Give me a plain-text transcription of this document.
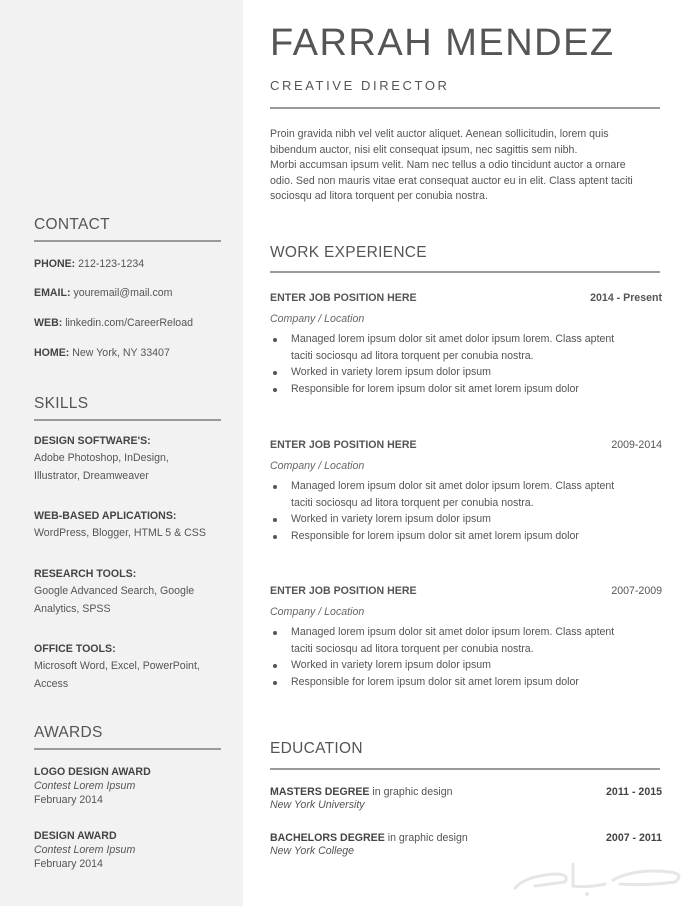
CONTACT
PHONE: 212-123-1234
EMAIL: youremail@mail.com
WEB: linkedin.com/CareerReload
HOME: New York, NY 33407
SKILLS
DESIGN SOFTWARE'S:
Adobe Photoshop, InDesign,
Illustrator, Dreamweaver
WEB-BASED APLICATIONS:
WordPress, Blogger, HTML 5 & CSS
RESEARCH TOOLS:
Google Advanced Search, Google
Analytics, SPSS
OFFICE TOOLS:
Microsoft Word, Excel, PowerPoint,
Access
AWARDS
LOGO DESIGN AWARD
Contest Lorem Ipsum
February 2014
DESIGN AWARD
Contest Lorem Ipsum
February 2014
FARRAH MENDEZ
CREATIVE DIRECTOR

Proin gravida nibh vel velit auctor aliquet. Aenean sollicitudin, lorem quis

bibendum auctor, nisi elit consequat ipsum, nec sagittis sem nibh.

Morbi accumsan ipsum velit. Nam nec tellus a odio tincidunt auctor a ornare

odio. Sed non mauris vitae erat consequat auctor eu in elit. Class aptent taciti

sociosqu ad litora torquent per conubia nostra.

WORK EXPERIENCE
ENTER JOB POSITION HERE	2014 - Present
Company / Location
Managed lorem ipsum dolor sit amet dolor ipsum lorem. Class aptent
taciti sociosqu ad litora torquent per conubia nostra.
Worked in variety lorem ipsum dolor ipsum
Responsible for lorem ipsum dolor sit amet lorem ipsum dolor
ENTER JOB POSITION HERE	2009-2014
Company / Location
Managed lorem ipsum dolor sit amet dolor ipsum lorem. Class aptent
taciti sociosqu ad litora torquent per conubia nostra.
Worked in variety lorem ipsum dolor ipsum
Responsible for lorem ipsum dolor sit amet lorem ipsum dolor
ENTER JOB POSITION HERE	2007-2009
Company / Location
Managed lorem ipsum dolor sit amet dolor ipsum lorem. Class aptent
taciti sociosqu ad litora torquent per conubia nostra.
Worked in variety lorem ipsum dolor ipsum
Responsible for lorem ipsum dolor sit amet lorem ipsum dolor
EDUCATION
MASTERS DEGREE in graphic design	2011 - 2015
New York University
BACHELORS DEGREE in graphic design	2007 - 2011
New York College
